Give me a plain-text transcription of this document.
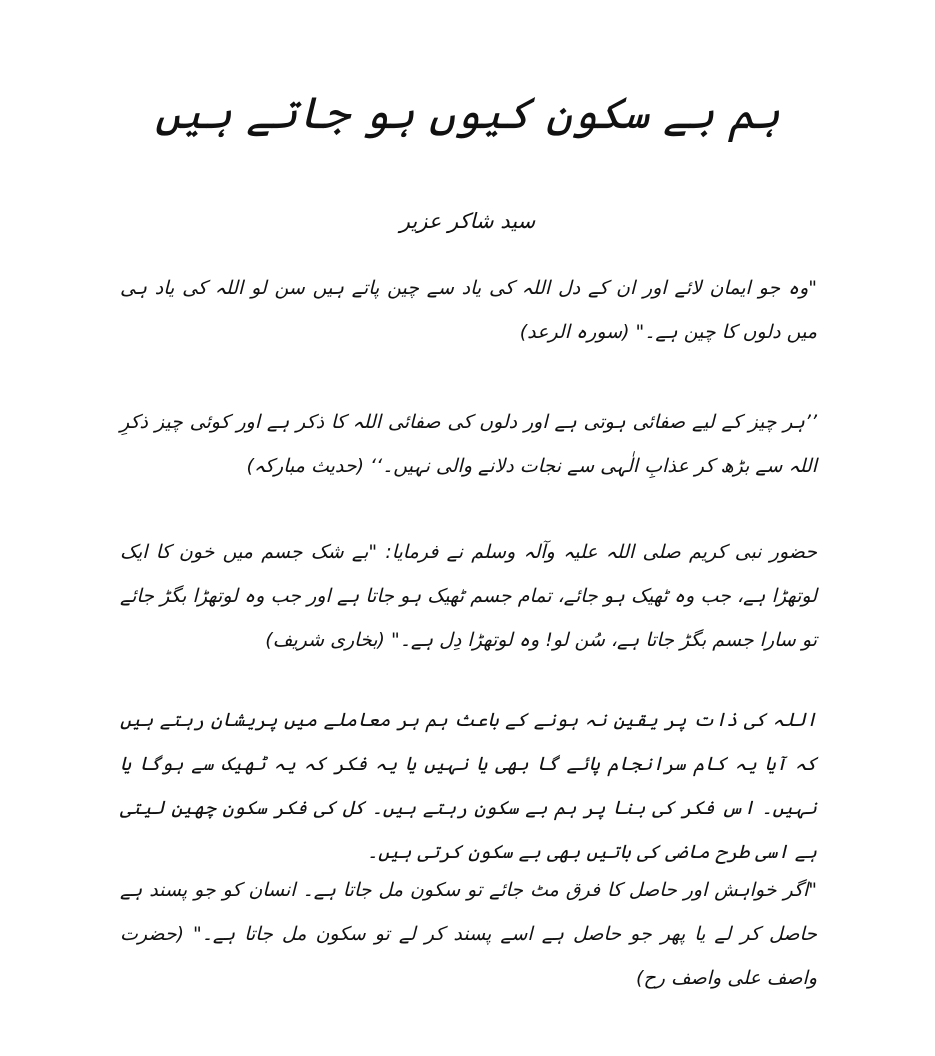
ہم بے سکون کیوں ہو جاتے ہیں

سید شاکر عزیر

"وہ جو ایمان لائے اور ان کے دل اللہ کی یاد سے چین پاتے ہیں سن لو اللہ کی یاد ہی میں دلوں کا چین ہے۔" (سورہ الرعد)

’’ہر چیز کے لیے صفائی ہوتی ہے اور دلوں کی صفائی اللہ کا ذکر ہے اور کوئی چیز ذکرِ اللہ سے بڑھ کر عذابِ الٰہی سے نجات دلانے والی نہیں۔‘‘ (حدیث مبارکہ)

حضور نبی کریم صلی اللہ علیہ وآلہ وسلم نے فرمایا: "بے شک جسم میں خون کا ایک لوتھڑا ہے، جب وہ ٹھیک ہو جائے، تمام جسم ٹھیک ہو جاتا ہے اور جب وہ لوتھڑا بگڑ جائے تو سارا جسم بگڑ جاتا ہے، سُن لو! وہ لوتھڑا دِل ہے۔" (بخاری شریف)

اللہ کی ذات پر یقین نہ ہونے کے باعث ہم ہر معاملے میں پریشان رہتے ہیں کہ آیا یہ کام سرانجام پائے گا بھی یا نہیں یا یہ فکر کہ یہ ٹھیک سے ہوگا یا نہیں۔ اس فکر کی بنا پر ہم بے سکون رہتے ہیں۔ کل کی فکر سکون چھین لیتی ہے اسی طرح ماضی کی باتیں بھی بے سکون کرتی ہیں۔

"اگر خواہش اور حاصل کا فرق مٹ جائے تو سکون مل جاتا ہے۔ انسان کو جو پسند ہے حاصل کر لے یا پھر جو حاصل ہے اسے پسند کر لے تو سکون مل جاتا ہے۔" (حضرت واصف علی واصف رح)
